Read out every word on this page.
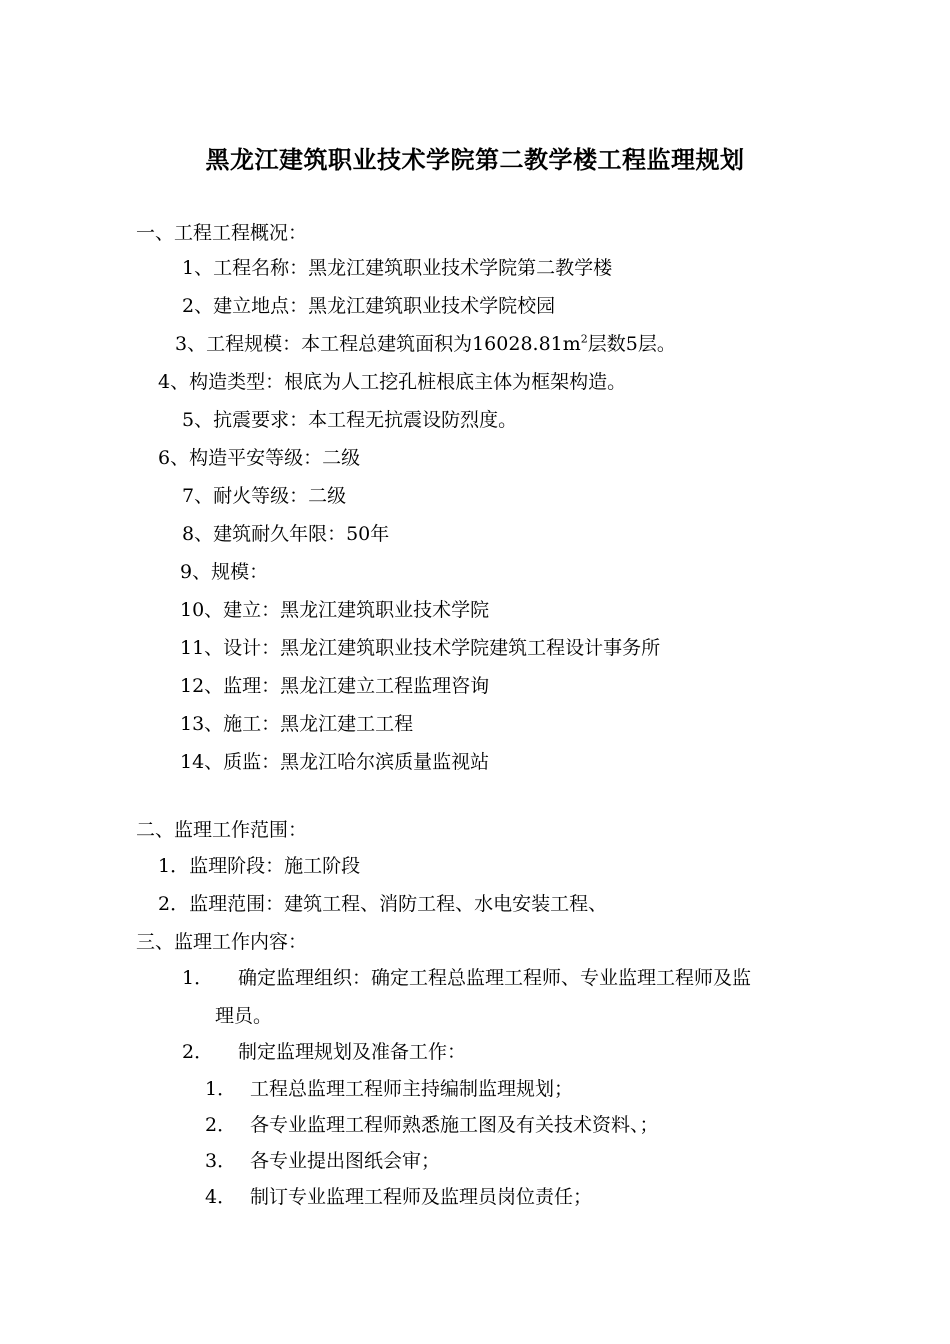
黑龙江建筑职业技术学院第二教学楼工程监理规划
一、工程工程概况：
1、工程名称：黑龙江建筑职业技术学院第二教学楼
2、建立地点：黑龙江建筑职业技术学院校园
3、工程规模：本工程总建筑面积为$16028.81m^2$层数5层。
4、构造类型：根底为人工挖孔桩根底主体为框架构造。
5、抗震要求：本工程无抗震设防烈度。
6、构造平安等级：二级
7、耐火等级：二级
8、建筑耐久年限：50年
9、规模：
10、建立：黑龙江建筑职业技术学院
11、设计：黑龙江建筑职业技术学院建筑工程设计事务所
12、监理：黑龙江建立工程监理咨询
13、施工：黑龙江建工工程
14、质监：黑龙江哈尔滨质量监视站
二、监理工作范围：
1．监理阶段：施工阶段
2．监理范围：建筑工程、消防工程、水电安装工程、
三、监理工作内容：
1． 确定监理组织：确定工程总监理工程师、专业监理工程师及监
理员。
2． 制定监理规划及准备工作：
1． 工程总监理工程师主持编制监理规划；
2． 各专业监理工程师熟悉施工图及有关技术资料、；
3． 各专业提出图纸会审；
4． 制订专业监理工程师及监理员岗位责任；
